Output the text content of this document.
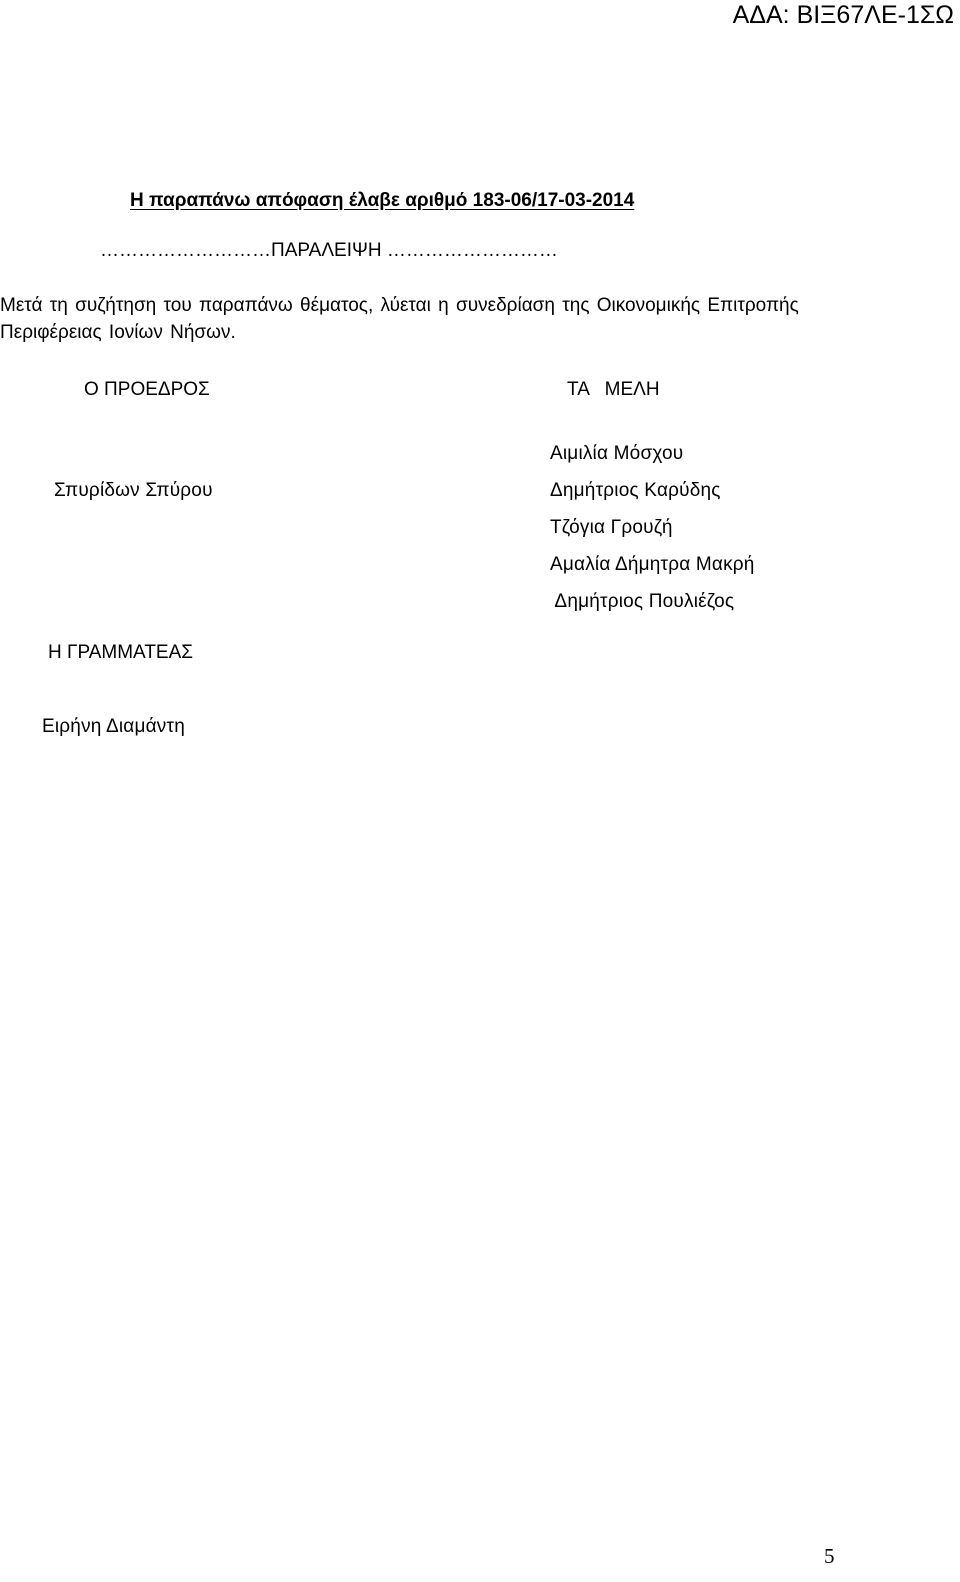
ΑΔΑ: ΒΙΞ67ΛΕ-1ΣΩ
Η παραπάνω απόφαση έλαβε αριθμό 183-06/17-03-2014
………………………ΠΑΡΑΛΕΙΨΗ ………………………
Μετά τη συζήτηση του παραπάνω θέματος, λύεται η συνεδρίαση της Οικονομικής Επιτροπής Περιφέρειας Ιονίων Νήσων.
Ο ΠΡΟΕΔΡΟΣ	ΤΑ   ΜΕΛΗ
Σπυρίδων Σπύρου
Αιμιλία Μόσχου
Δημήτριος Καρύδης
Τζόγια Γρουζή
Αμαλία Δήμητρα Μακρή
Δημήτριος Πουλιέζος
Η ΓΡΑΜΜΑΤΕΑΣ
Ειρήνη Διαμάντη
5
